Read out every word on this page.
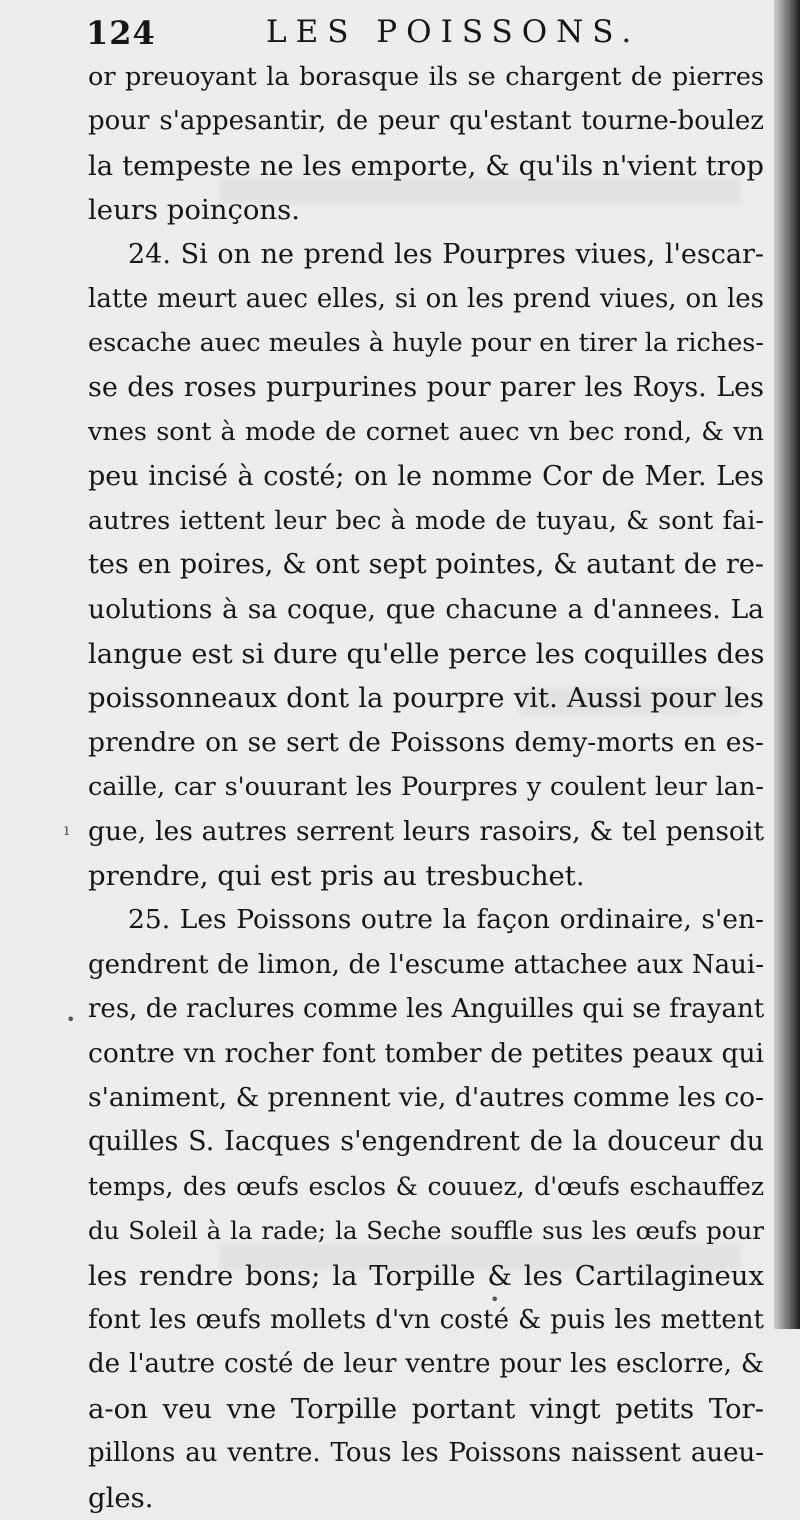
124	LES POISSONS.
or preuoyant la borasque ils se chargent de pierres
pour s'appesantir, de peur qu'estant tourne-boulez
la tempeste ne les emporte, & qu'ils n'vient trop
leurs poinçons.
24. Si on ne prend les Pourpres viues, l'escar-
latte meurt auec elles, si on les prend viues, on les
escache auec meules à huyle pour en tirer la riches-
se des roses purpurines pour parer les Roys. Les
vnes sont à mode de cornet auec vn bec rond, & vn
peu incisé à costé; on le nomme Cor de Mer. Les
autres iettent leur bec à mode de tuyau, & sont fai-
tes en poires, & ont sept pointes, & autant de re-
uolutions à sa coque, que chacune a d'annees. La
langue est si dure qu'elle perce les coquilles des
poissonneaux dont la pourpre vit. Aussi pour les
prendre on se sert de Poissons demy-morts en es-
caille, car s'ouurant les Pourpres y coulent leur lan-
gue, les autres serrent leurs rasoirs, & tel pensoit
prendre, qui est pris au tresbuchet.
25. Les Poissons outre la façon ordinaire, s'en-
gendrent de limon, de l'escume attachee aux Naui-
res, de raclures comme les Anguilles qui se frayant
contre vn rocher font tomber de petites peaux qui
s'animent, & prennent vie, d'autres comme les co-
quilles S. Iacques s'engendrent de la douceur du
temps, des œufs esclos & couuez, d'œufs eschauffez
du Soleil à la rade; la Seche souffle sus les œufs pour
les rendre bons; la Torpille & les Cartilagineux
font les œufs mollets d'vn costé & puis les mettent
de l'autre costé de leur ventre pour les esclorre, &
a-on veu vne Torpille portant vingt petits Tor-
pillons au ventre. Tous les Poissons naissent aueu-
gles.
ı
•
•
